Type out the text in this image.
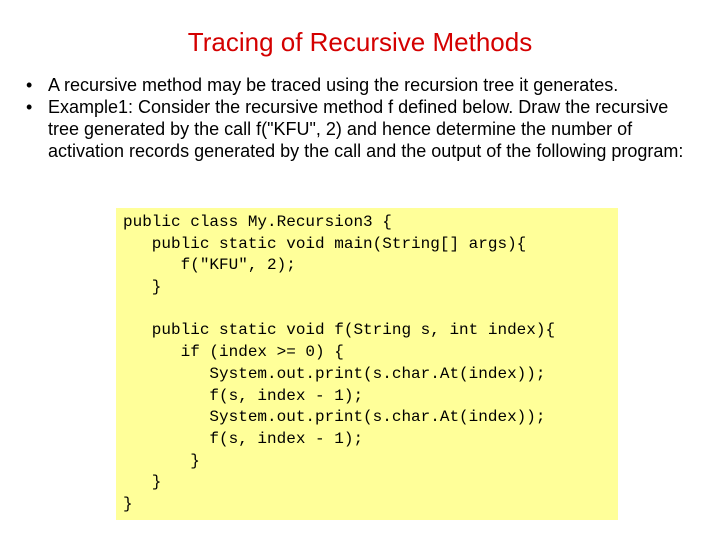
Tracing of Recursive Methods
• A recursive method may be traced using the recursion tree it generates.
• Example1: Consider the recursive method f defined below. Draw the recursive tree generated by the call f("KFU", 2) and hence determine the number of activation records generated by the call and the output of the following program:
public class My.Recursion3 {
public static void main(String[] args){
f("KFU", 2);
}
public static void f(String s, int index){
if (index >= 0) {
System.out.print(s.char.At(index));
f(s, index - 1);
System.out.print(s.char.At(index));
f(s, index - 1);
}
}
}
